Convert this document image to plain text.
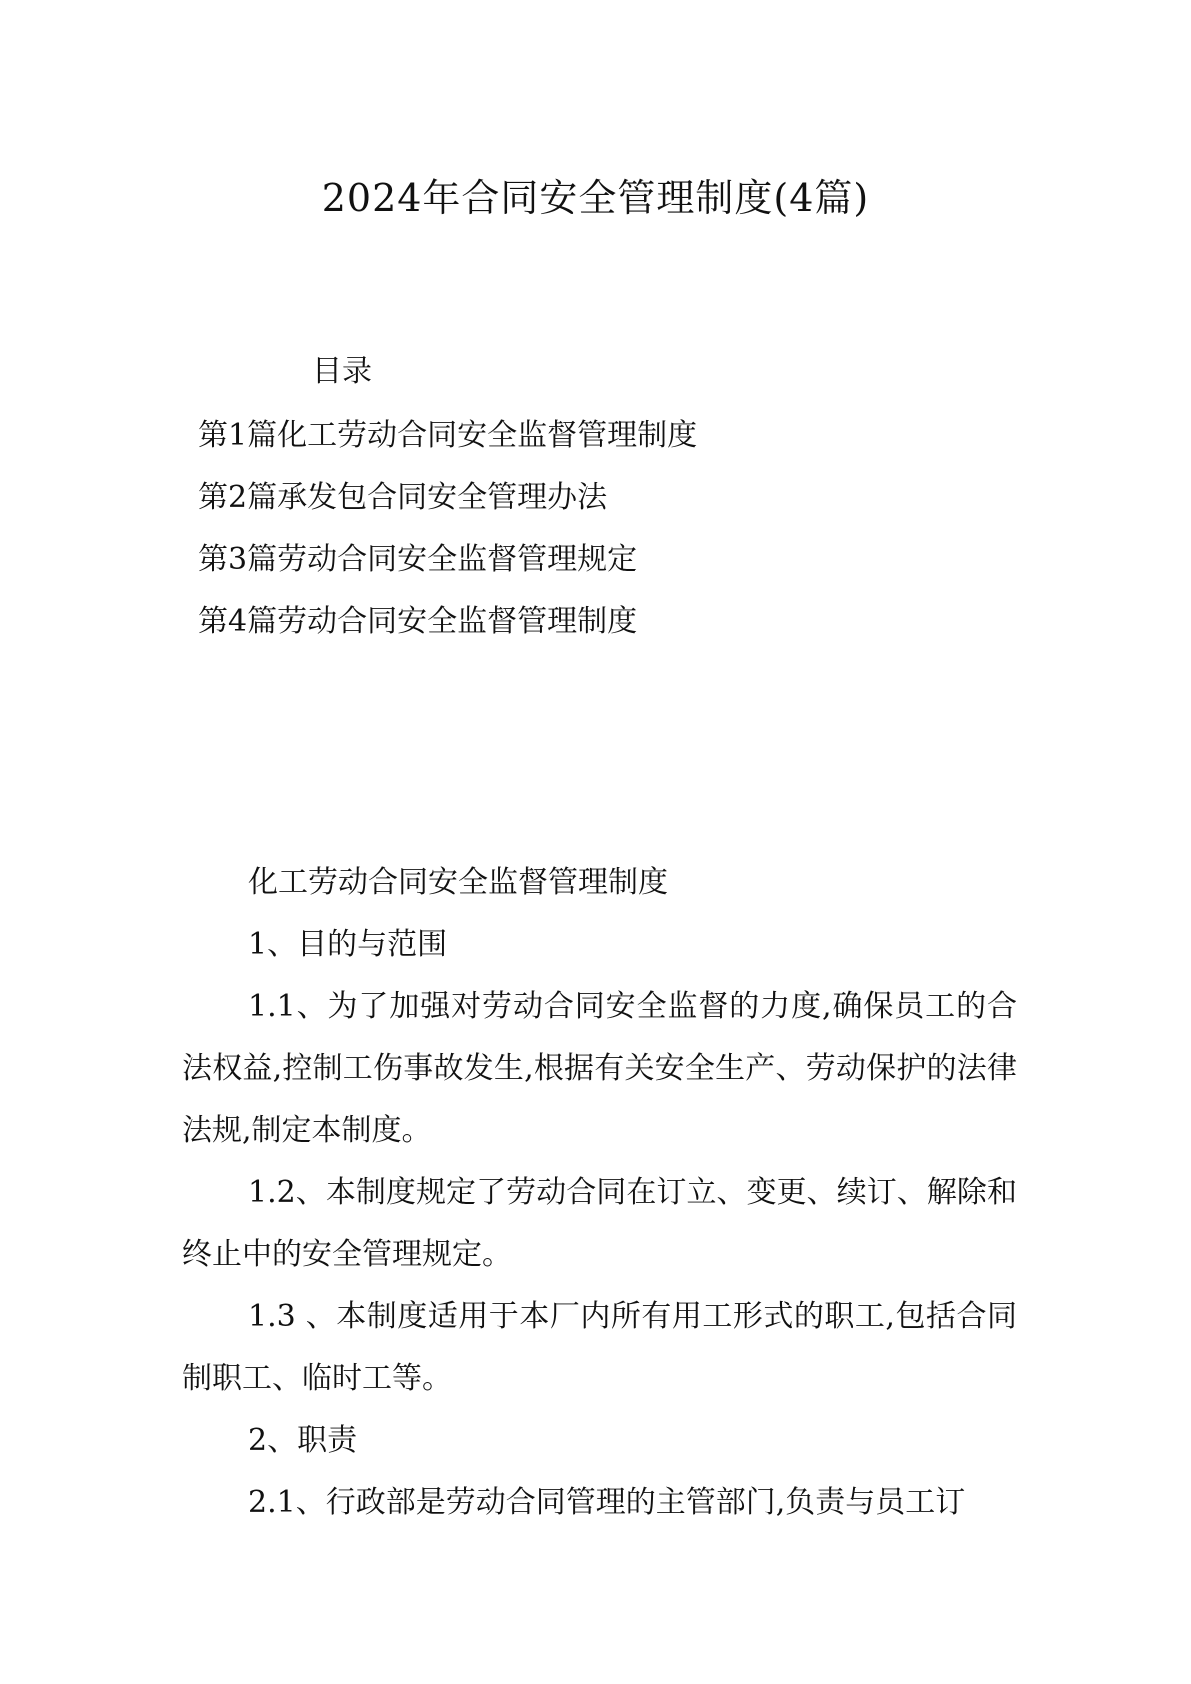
2024年合同安全管理制度(4篇)
目录
第1篇化工劳动合同安全监督管理制度
第2篇承发包合同安全管理办法
第3篇劳动合同安全监督管理规定
第4篇劳动合同安全监督管理制度

化工劳动合同安全监督管理制度

1、目的与范围

1.1、为了加强对劳动合同安全监督的力度,确保员工的合法权益,控制工伤事故发生,根据有关安全生产、劳动保护的法律法规,制定本制度。

1.2、本制度规定了劳动合同在订立、变更、续订、解除和终止中的安全管理规定。

1.3 、本制度适用于本厂内所有用工形式的职工,包括合同制职工、临时工等。

2、职责

2.1、行政部是劳动合同管理的主管部门,负责与员工订
